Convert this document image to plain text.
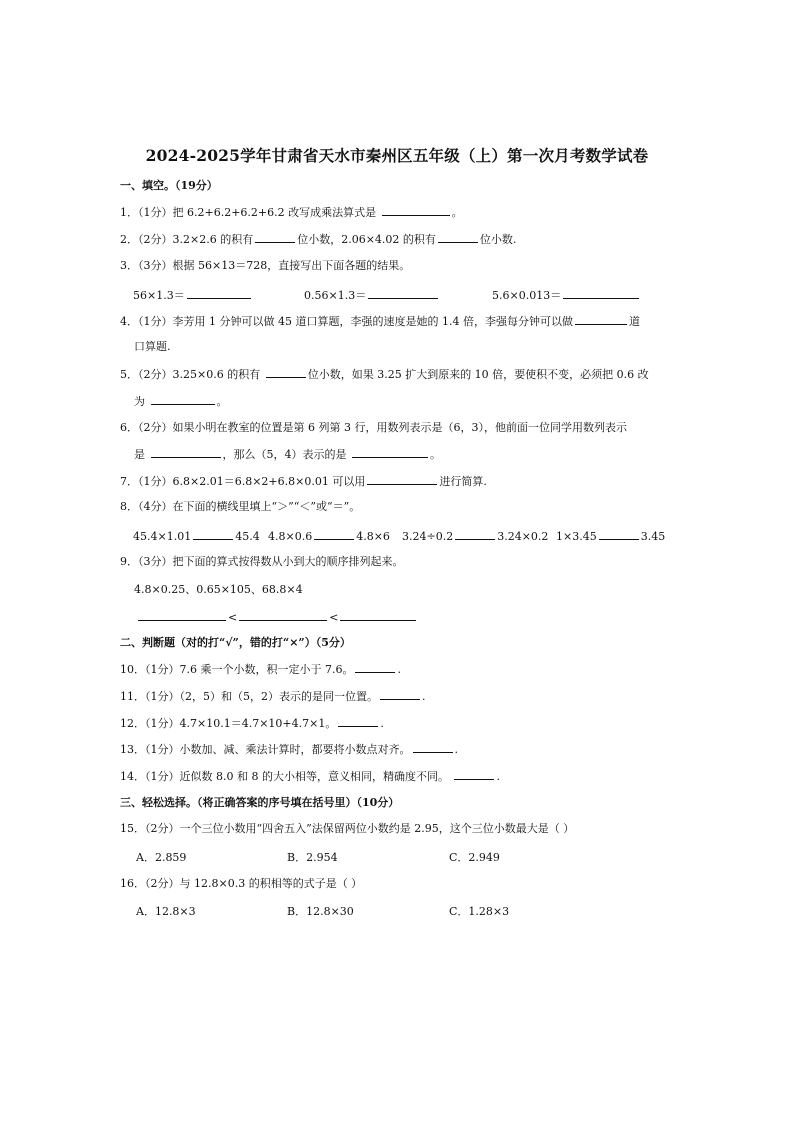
2024-2025学年甘肃省天水市秦州区五年级（上）第一次月考数学试卷
一、填空。（19分）
1．（1分）把 6.2+6.2+6.2+6.2 改写成乘法算式是	。
2．（2分）3.2×2.6 的积有	位小数，2.06×4.02 的积有	位小数.
3．（3分）根据 56×13＝728，直接写出下面各题的结果。
56×1.3＝	0.56×1.3＝	5.6×0.013＝
4．（1分）李芳用 1 分钟可以做 45 道口算题，李强的速度是她的 1.4 倍，李强每分钟可以做	道
口算题.
5．（2分）3.25×0.6 的积有	位小数，如果 3.25 扩大到原来的 10 倍，要使积不变，必须把 0.6 改
为	。
6．（2分）如果小明在教室的位置是第 6 列第 3 行，用数列表示是（6，3），他前面一位同学用数列表示
是	，那么（5，4）表示的是	。
7．（1分）6.8×2.01＝6.8×2+6.8×0.01 可以用	进行简算.
8．（4分）在下面的横线里填上“＞”“＜”或“＝”。
45.4×1.01	45.4 4.8×0.6	4.8×6 3.24÷0.2	3.24×0.2 1×3.45	3.45
9．（3分）把下面的算式按得数从小到大的顺序排列起来。
4.8×0.25、0.65×105、68.8×4
<	<
二、判断题（对的打“√”，错的打“×”）（5分）
10．（1分）7.6 乘一个小数，积一定小于 7.6。	.
11．（1分）（2，5）和（5，2）表示的是同一位置。	.
12．（1分）4.7×10.1＝4.7×10+4.7×1。	.
13．（1分）小数加、减、乘法计算时，都要将小数点对齐。	.
14．（1分）近似数 8.0 和 8 的大小相等，意义相同，精确度不同。	.
三、轻松选择。（将正确答案的序号填在括号里）（10分）
15．（2分）一个三位小数用“四舍五入”法保留两位小数约是 2.95，这个三位小数最大是（ ）
A．2.859	B．2.954	C．2.949
16．（2分）与 12.8×0.3 的积相等的式子是（ ）
A．12.8×3	B．12.8×30	C．1.28×3
